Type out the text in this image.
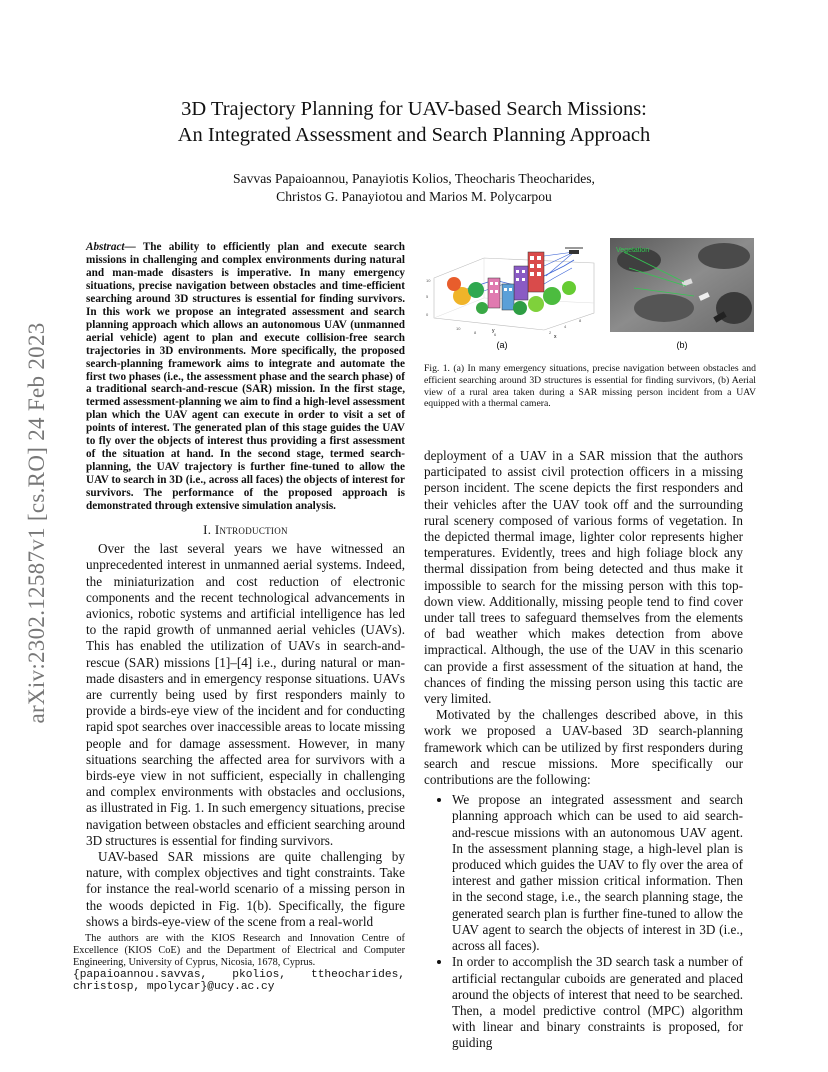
3D Trajectory Planning for UAV-based Search Missions:
An Integrated Assessment and Search Planning Approach
Savvas Papaioannou, Panayiotis Kolios, Theocharis Theocharides,
Christos G. Panayiotou and Marios M. Polycarpou
arXiv:2302.12587v1 [cs.RO] 24 Feb 2023
Abstract— The ability to efficiently plan and execute search missions in challenging and complex environments during natural and man-made disasters is imperative. In many emergency situations, precise navigation between obstacles and time-efficient searching around 3D structures is essential for finding survivors. In this work we propose an integrated assessment and search planning approach which allows an autonomous UAV (unmanned aerial vehicle) agent to plan and execute collision-free search trajectories in 3D environments. More specifically, the proposed search-planning framework aims to integrate and automate the first two phases (i.e., the assessment phase and the search phase) of a traditional search-and-rescue (SAR) mission. In the first stage, termed assessment-planning we aim to find a high-level assessment plan which the UAV agent can execute in order to visit a set of points of interest. The generated plan of this stage guides the UAV to fly over the objects of interest thus providing a first assessment of the situation at hand. In the second stage, termed search-planning, the UAV trajectory is further fine-tuned to allow the UAV to search in 3D (i.e., across all faces) the objects of interest for survivors. The performance of the proposed approach is demonstrated through extensive simulation analysis.
I. Introduction

Over the last several years we have witnessed an unprecedented interest in unmanned aerial systems. Indeed, the miniaturization and cost reduction of electronic components and the recent technological advancements in avionics, robotic systems and artificial intelligence has led to the rapid growth of unmanned aerial vehicles (UAVs). This has enabled the utilization of UAVs in search-and-rescue (SAR) missions [1]–[4] i.e., during natural or man-made disasters and in emergency response situations. UAVs are currently being used by first responders mainly to provide a birds-eye view of the incident and for conducting rapid spot searches over inaccessible areas to locate missing people and for damage assessment. However, in many situations searching the affected area for survivors with a birds-eye view in not sufficient, especially in challenging and complex environments with obstacles and occlusions, as illustrated in Fig. 1. In such emergency situations, precise navigation between obstacles and efficient searching around 3D structures is essential for finding survivors.

UAV-based SAR missions are quite challenging by nature, with complex objectives and tight constraints. Take for instance the real-world scenario of a missing person in the woods depicted in Fig. 1(b). Specifically, the figure shows a birds-eye-view of the scene from a real-world

The authors are with the KIOS Research and Innovation Centre of Excellence (KIOS CoE) and the Department of Electrical and Computer Engineering, University of Cyprus, Nicosia, 1678, Cyprus.
{papaioannou.savvas, pkolios, ttheocharides, christosp, mpolycar}@ucy.ac.cy
10
5
0
10
8	6	2
4
8
(a)
y
x
Vegetation
(b)
Fig. 1. (a) In many emergency situations, precise navigation between obstacles and efficient searching around 3D structures is essential for finding survivors, (b) Aerial view of a rural area taken during a SAR missing person incident from a UAV equipped with a thermal camera.

deployment of a UAV in a SAR mission that the authors participated to assist civil protection officers in a missing person incident. The scene depicts the first responders and their vehicles after the UAV took off and the surrounding rural scenery composed of various forms of vegetation. In the depicted thermal image, lighter color represents higher temperatures. Evidently, trees and high foliage block any thermal dissipation from being detected and thus make it impossible to search for the missing person with this top-down view. Additionally, missing people tend to find cover under tall trees to safeguard themselves from the elements of bad weather which makes detection from above impractical. Although, the use of the UAV in this scenario can provide a first assessment of the situation at hand, the chances of finding the missing person using this tactic are very limited.

Motivated by the challenges described above, in this work we proposed a UAV-based 3D search-planning framework which can be utilized by first responders during search and rescue missions. More specifically our contributions are the following:

• We propose an integrated assessment and search planning approach which can be used to aid search-and-rescue missions with an autonomous UAV agent. In the assessment planning stage, a high-level plan is produced which guides the UAV to fly over the area of interest and gather mission critical information. Then in the second stage, i.e., the search planning stage, the generated search plan is further fine-tuned to allow the UAV agent to search the objects of interest in 3D (i.e., across all faces).
• In order to accomplish the 3D search task a number of artificial rectangular cuboids are generated and placed around the objects of interest that need to be searched. Then, a model predictive control (MPC) algorithm with linear and binary constraints is proposed, for guiding
